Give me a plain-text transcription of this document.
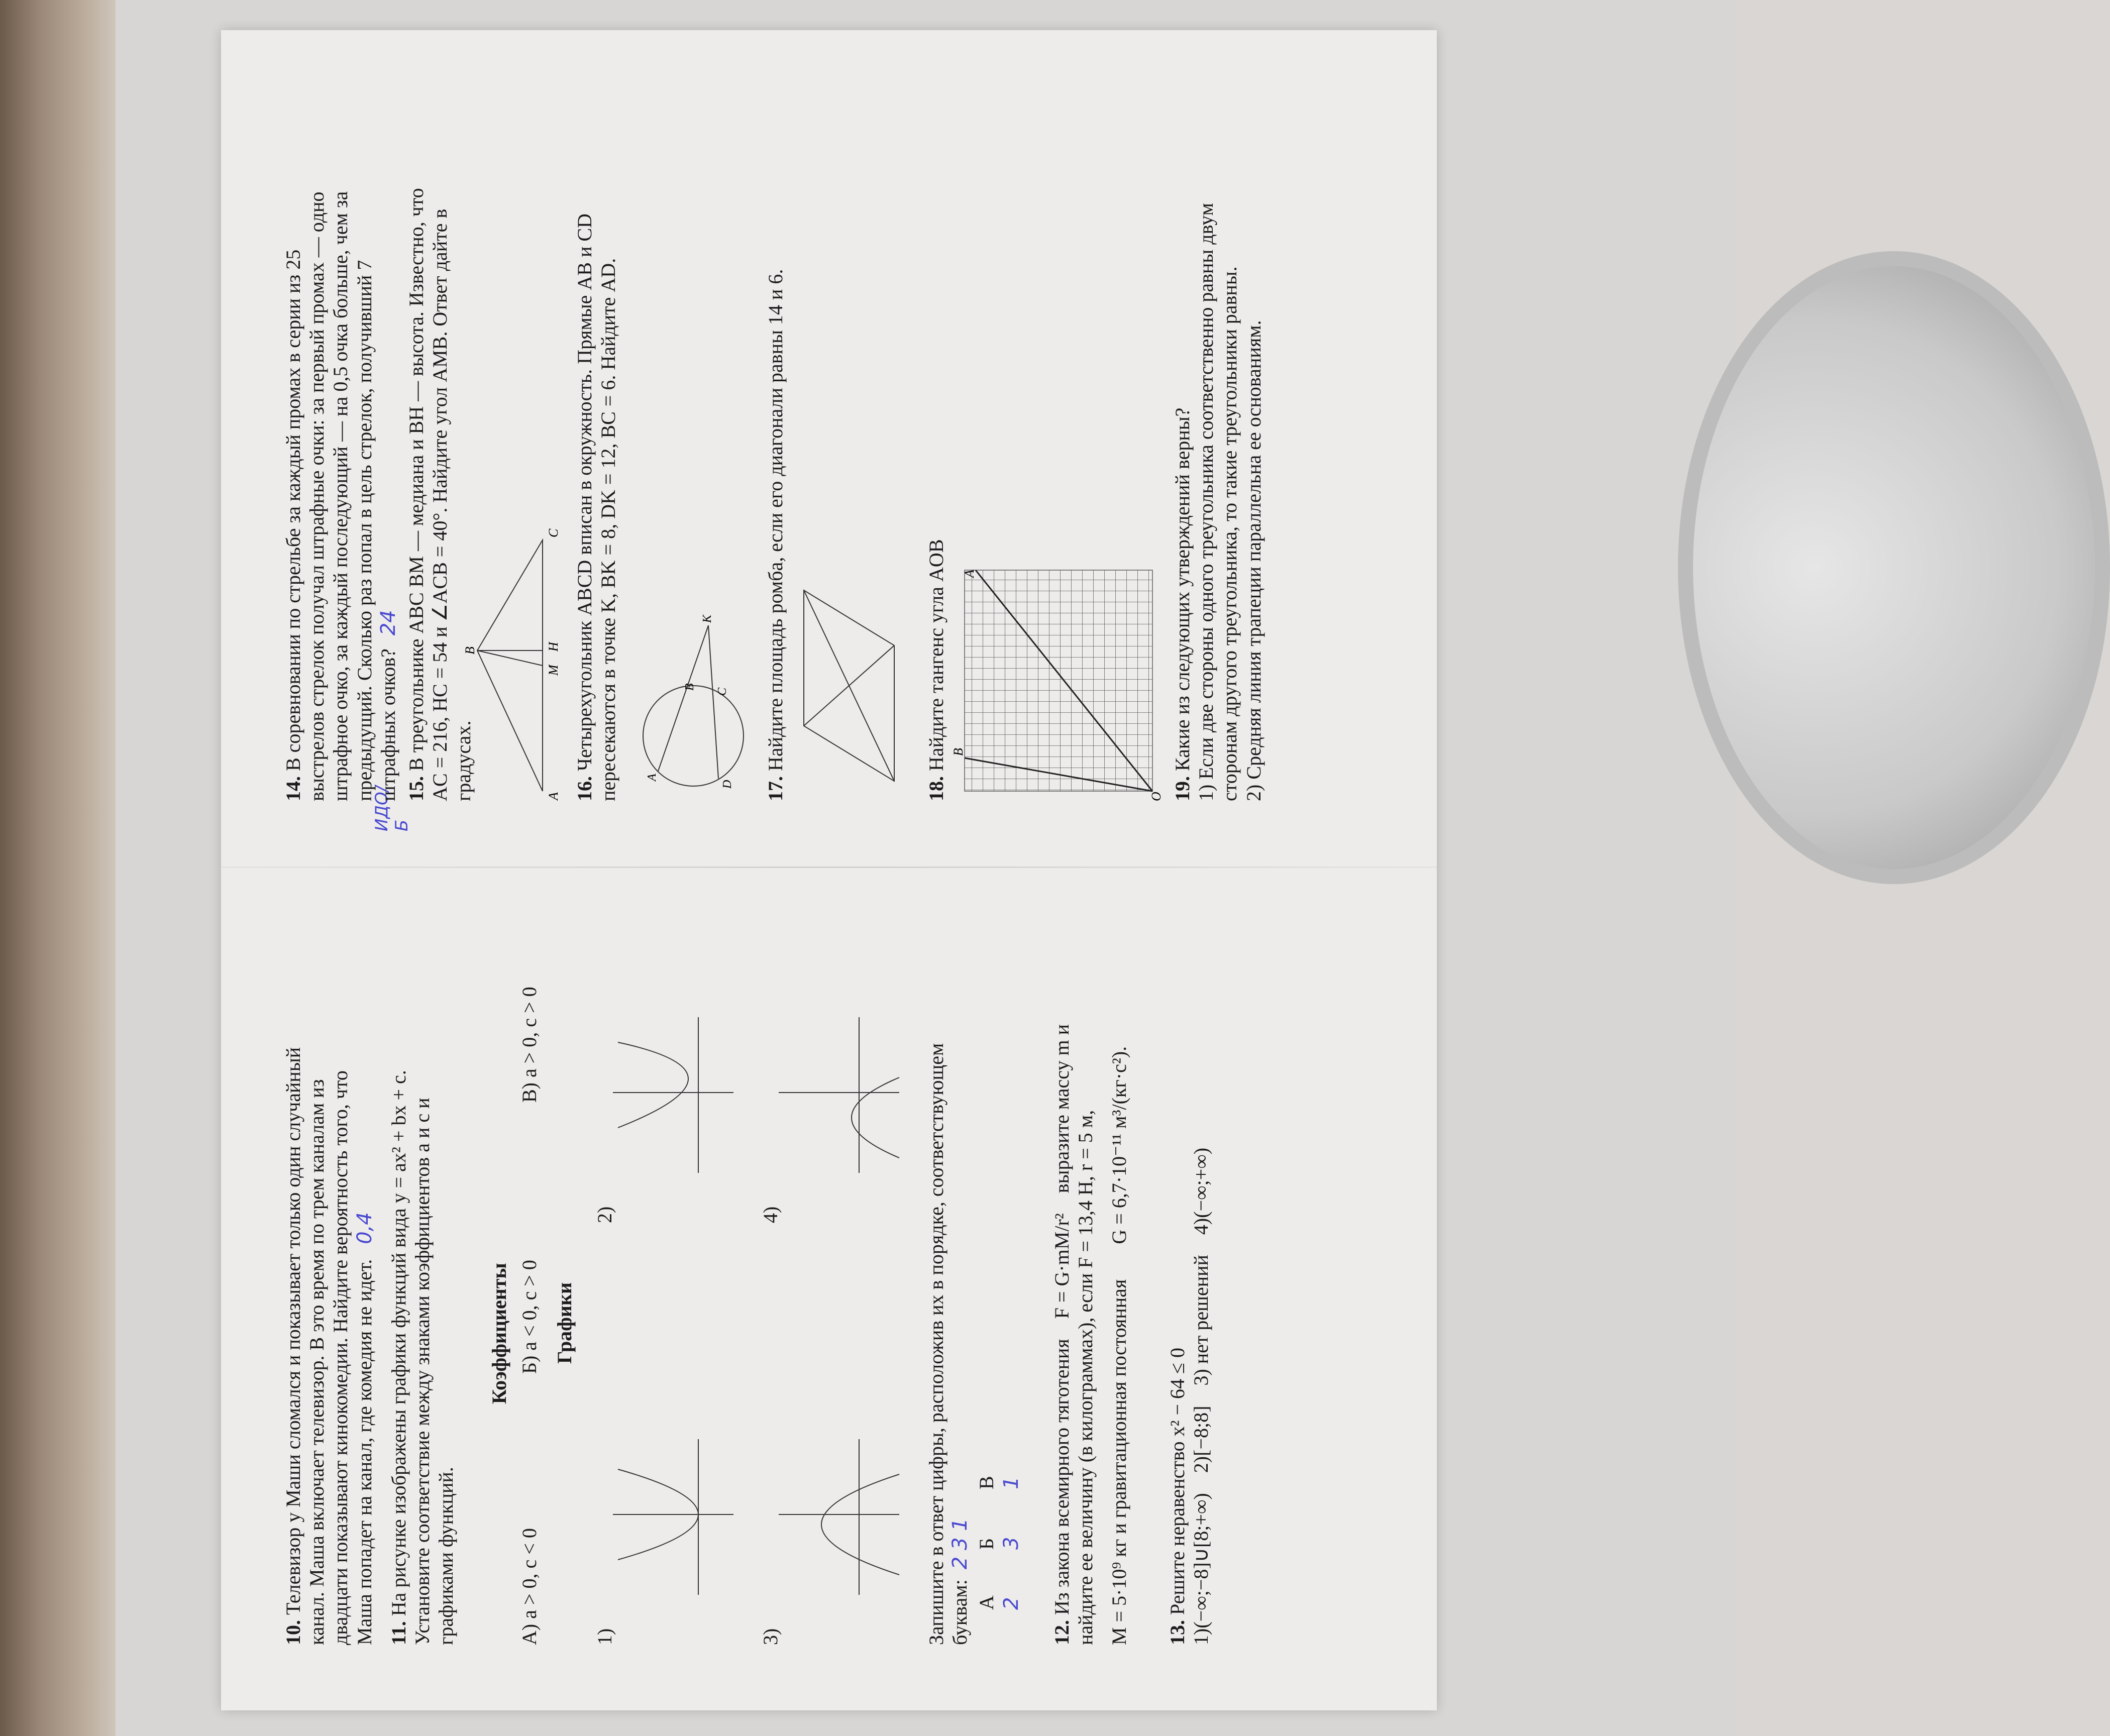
10. Телевизор у Маши сломался и показывает только один случайный канал. Маша включает телевизор. В это время по трем каналам из двадцати показывают кинокомедии. Найдите вероятность того, что Маша попадет на канал, где комедия не идет. 0,4

11. На рисунке изображены графики функций вида y = ax² + bx + c. Установите соответствие между знаками коэффициентов a и c и графиками функций.

ИДО/Б
Коэффициенты
А) a > 0, c < 0
Б) a < 0, c > 0
В) a > 0, c > 0
Графики
1)
2)
3)
4)	Запишите в ответ цифры, расположив их в порядке, соответствующем буквам: 2 3 1

А
Б
В
2
3
1

12. Из закона всемирного тяготения F = G·mM/r² выразите массу m и

найдите ее величину (в килограммах), если F = 13,4 Н, r = 5 м, M = 5·10⁹ кг и гравитационная постоянная G = 6,7·10⁻¹¹ м³/(кг·с²).

13. Решите неравенство x² − 64 ≤ 0 1)(−∞;−8]∪[8;+∞)    2)[−8;8]    3) нет решений    4)(−∞;+∞)

14. В соревновании по стрельбе за каждый промах в серии из 25 выстрелов стрелок получал штрафные очки: за первый промах — одно штрафное очко, за каждый последующий — на 0,5 очка больше, чем за предыдущий. Сколько раз попал в цель стрелок, получивший 7 штрафных очков? 24

15. В треугольнике ABC BM — медиана и BH — высота. Известно, что AC = 216, HC = 54 и ∠ACB = 40°. Найдите угол AMB. Ответ дайте в градусах.	A
C
B
M
H

16. Четырехугольник ABCD вписан в окружность. Прямые AB и CD пересекаются в точке K, BK = 8, DK = 12, BC = 6. Найдите AD. A
B
C
D
K

17. Найдите площадь ромба, если его диагонали равны 14 и 6.

18. Найдите тангенс угла AOB

O
B
A

19. Какие из следующих утверждений верны? 1) Если две стороны одного треугольника соответственно равны двум сторонам другого треугольника, то такие треугольники равны. 2) Средняя линия трапеции параллельна ее основаниям.
